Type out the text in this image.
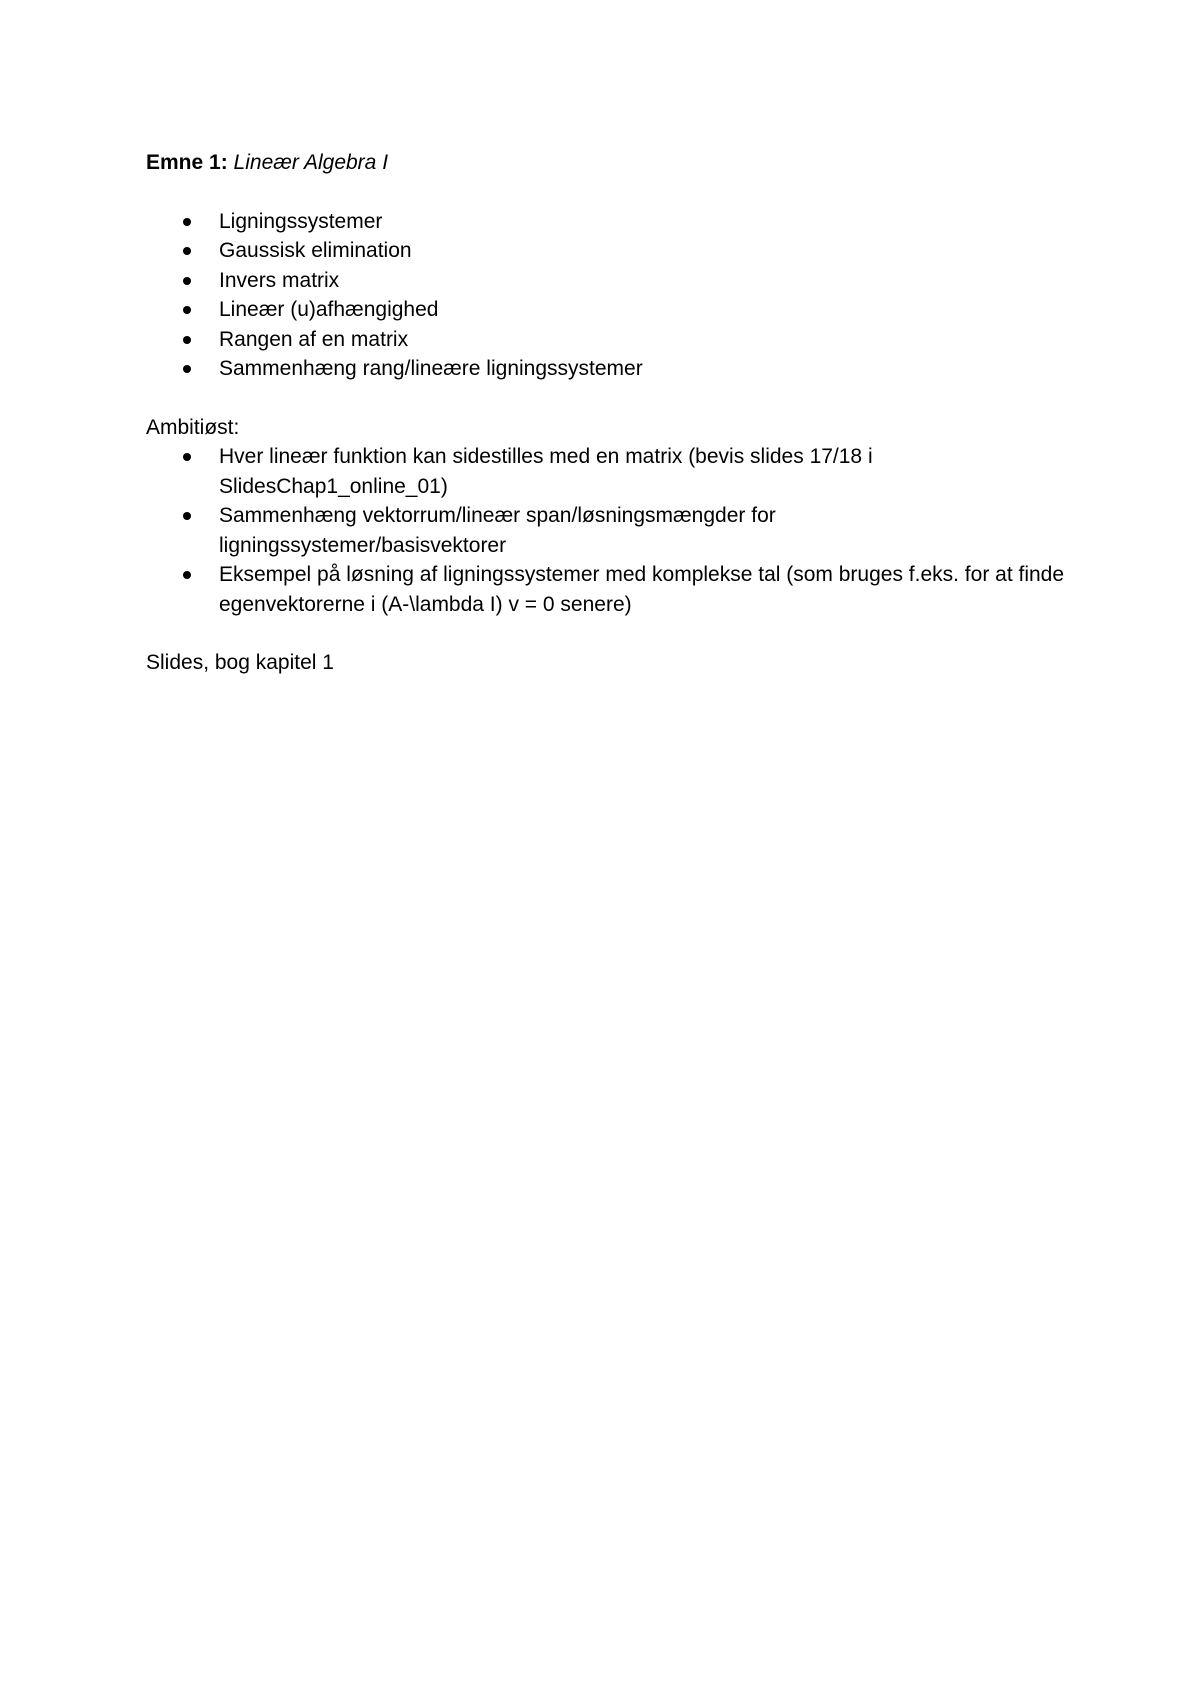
Emne 1: Lineær Algebra I

Ligningssystemer
Gaussisk elimination
Invers matrix
Lineær (u)afhængighed
Rangen af en matrix
Sammenhæng rang/lineære ligningssystemer

Ambitiøst:

Hver lineær funktion kan sidestilles med en matrix (bevis slides 17/18 i SlidesChap1_online_01)
Sammenhæng vektorrum/lineær span/løsningsmængder for ligningssystemer/basisvektorer
Eksempel på løsning af ligningssystemer med komplekse tal (som bruges f.eks. for at finde egenvektorerne i (A-\lambda I) v = 0 senere)

Slides, bog kapitel 1
